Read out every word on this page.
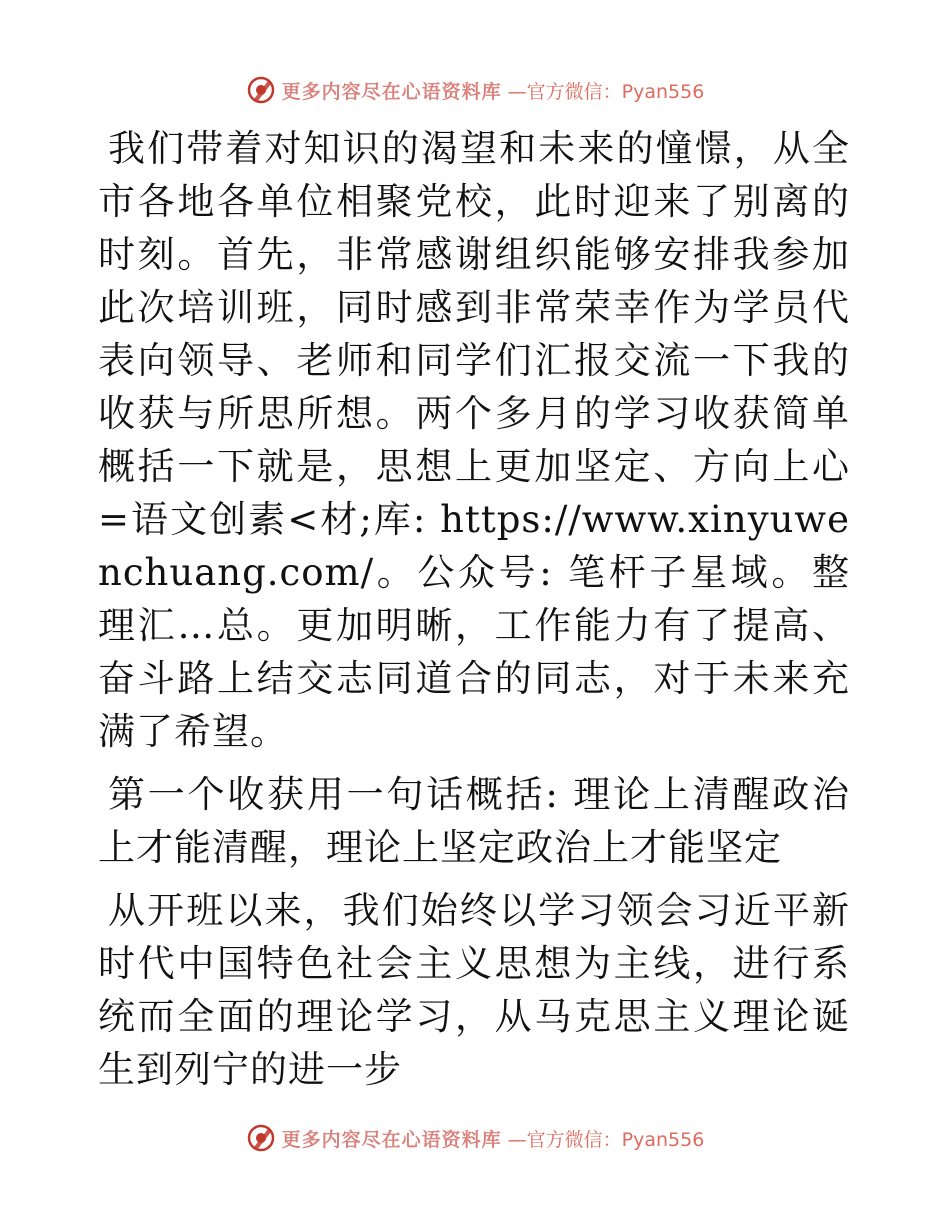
更多内容尽在心语资料库 —官方微信：Pyan556

我们带着对知识的渴望和未来的憧憬，从全市各地各单位相聚党校，此时迎来了别离的时刻。首先，非常感谢组织能够安排我参加此次培训班，同时感到非常荣幸作为学员代表向领导、老师和同学们汇报交流一下我的收获与所思所想。两个多月的学习收获简单概括一下就是，思想上更加坚定、方向上心=语文创素<材;库: https://www.xinyuwenchuang.com/。公众号: 笔杆子星域。整理汇…总。更加明晰，工作能力有了提高、奋斗路上结交志同道合的同志，对于未来充满了希望。

第一个收获用一句话概括: 理论上清醒政治上才能清醒，理论上坚定政治上才能坚定

从开班以来，我们始终以学习领会习近平新时代中国特色社会主义思想为主线，进行系统而全面的理论学习，从马克思主义理论诞生到列宁的进一步

更多内容尽在心语资料库 —官方微信：Pyan556
